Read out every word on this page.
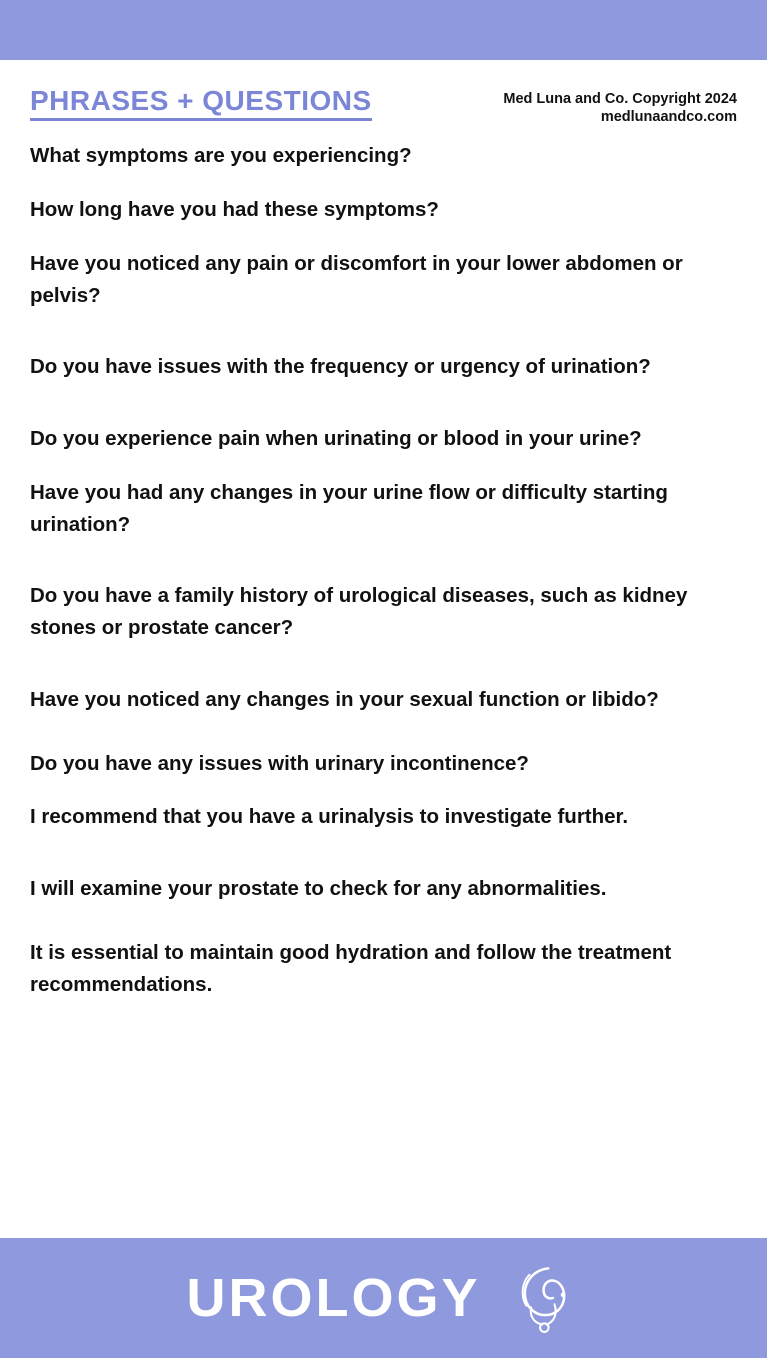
PHRASES + QUESTIONS	Med Luna and Co. Copyright 2024
medlunaandco.com
What symptoms are you experiencing?
How long have you had these symptoms?
Have you noticed any pain or discomfort in your lower abdomen or pelvis?
Do you have issues with the frequency or urgency of urination?
Do you experience pain when urinating or blood in your urine?
Have you had any changes in your urine flow or difficulty starting urination?
Do you have a family history of urological diseases, such as kidney stones or prostate cancer?
Have you noticed any changes in your sexual function or libido?
Do you have any issues with urinary incontinence?
I recommend that you have a urinalysis to investigate further.
I will examine your prostate to check for any abnormalities.
It is essential to maintain good hydration and follow the treatment recommendations.
UROLOGY
